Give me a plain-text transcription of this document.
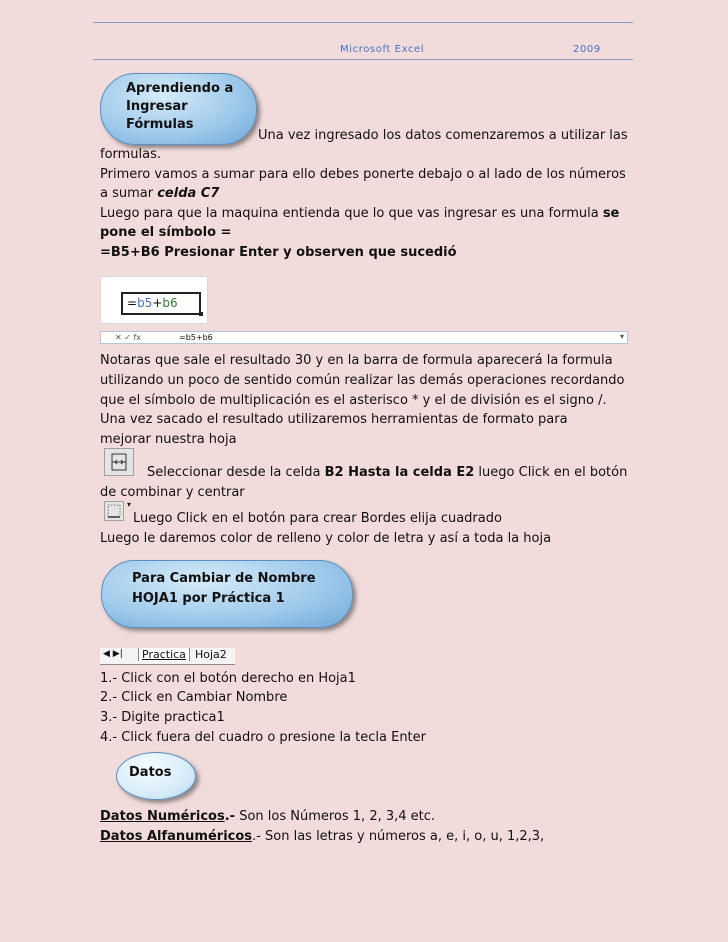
Microsoft Excel	2009
Aprendiendo a
Ingresar
Fórmulas
Una vez ingresado los datos comenzaremos a utilizar las
formulas.
Primero vamos a sumar para ello debes ponerte debajo o al lado de los números
a sumar celda C7
Luego para que la maquina entienda que lo que vas ingresar es una formula se
pone el símbolo =
=B5+B6 Presionar Enter y observen que sucedió
=b5+b6
✕ ✓ fx	=b5+b6	▾
Notaras que sale el resultado 30 y en la barra de formula aparecerá la formula
utilizando un poco de sentido común realizar las demás operaciones recordando
que el símbolo de multiplicación es el asterisco * y el de división es el signo /.
Una vez sacado el resultado utilizaremos herramientas de formato para
mejorar nuestra hoja
Seleccionar desde la celda B2 Hasta la celda E2 luego Click en el botón
de combinar y centrar
▾
Luego Click en el botón para crear Bordes elija cuadrado
Luego le daremos color de relleno y color de letra y así a toda la hoja
Para Cambiar de Nombre
HOJA1 por Práctica 1
◀ ▶|	Practica Hoja2
1.- Click con el botón derecho en Hoja1
2.- Click en Cambiar Nombre
3.- Digite practica1
4.- Click fuera del cuadro o presione la tecla Enter
Datos
Datos Numéricos.- Son los Números 1, 2, 3,4 etc.
Datos Alfanuméricos.- Son las letras y números a, e, i, o, u, 1,2,3,
